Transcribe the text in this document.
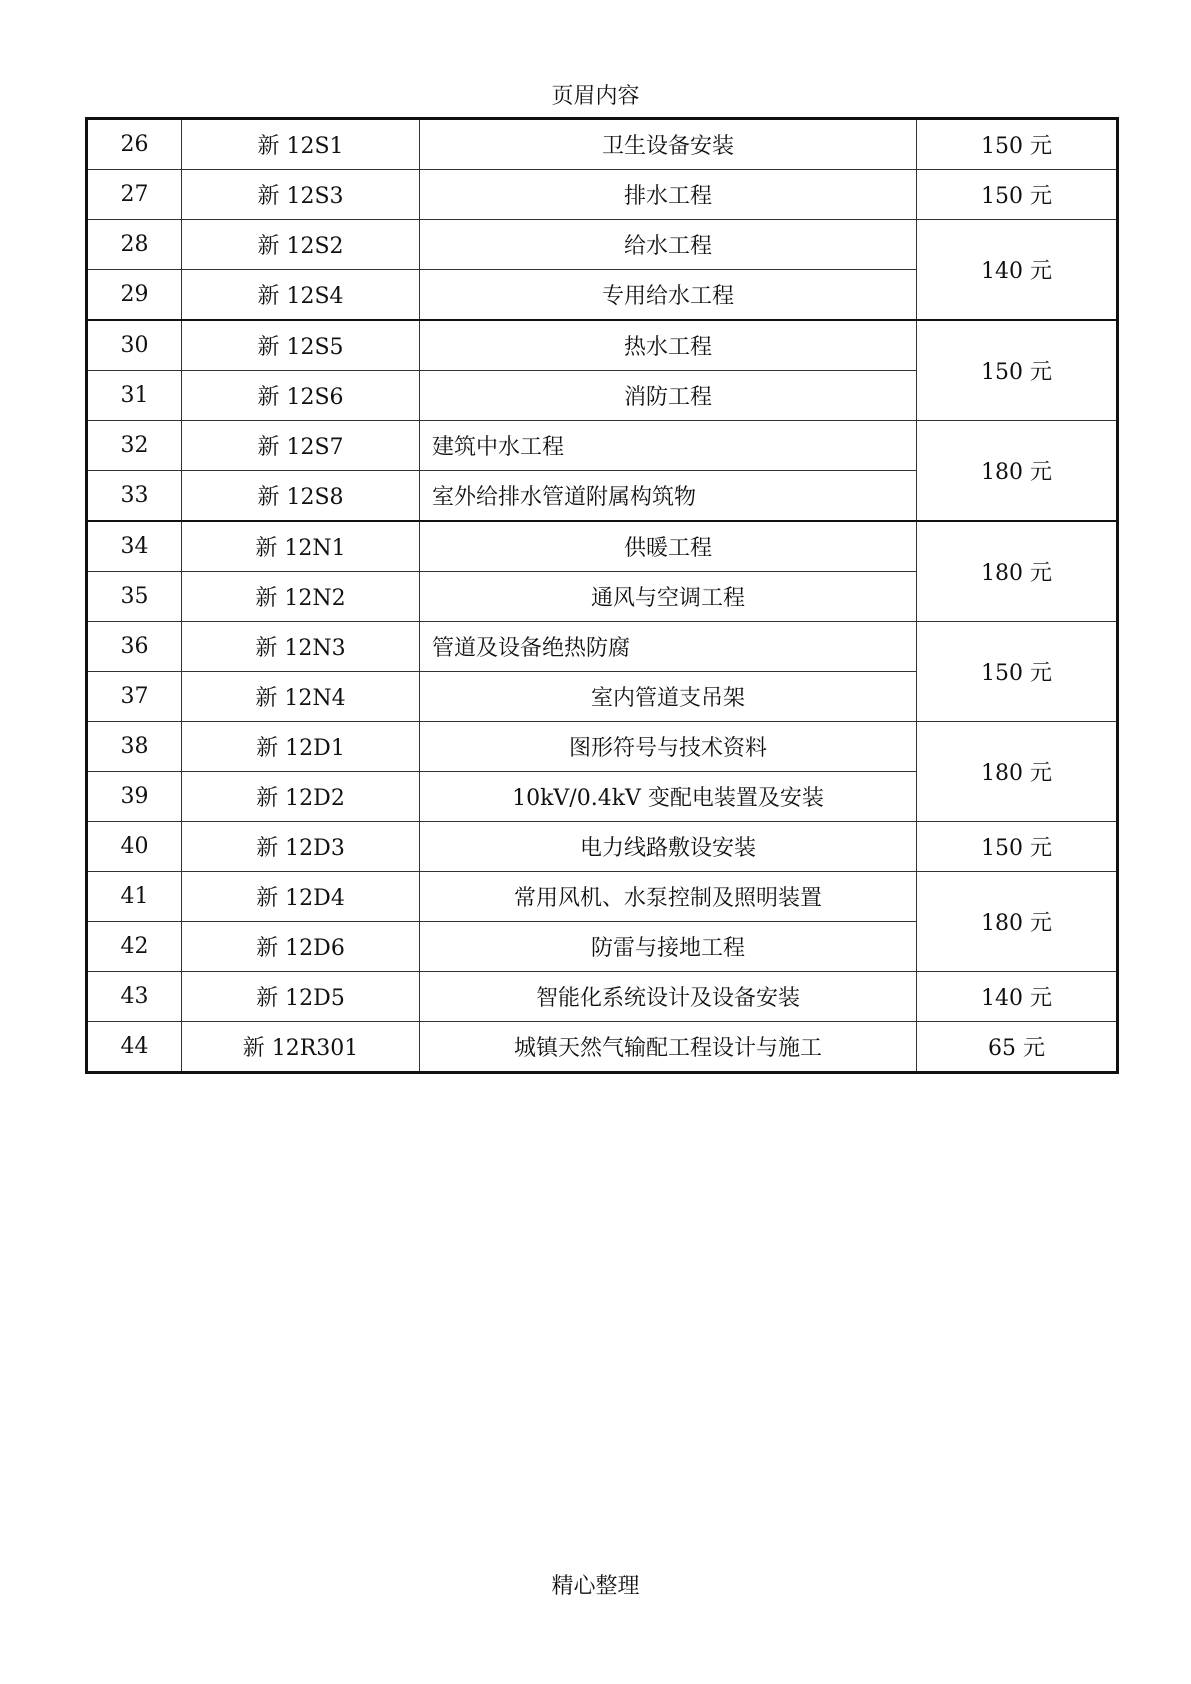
页眉内容
26	新 12S1	卫生设备安装	150 元
27	新 12S3	排水工程	150 元
28	新 12S2	给水工程	140 元
29	新 12S4	专用给水工程	
30	新 12S5	热水工程	150 元
31	新 12S6	消防工程	
32	新 12S7	建筑中水工程	180 元
33	新 12S8	室外给排水管道附属构筑物	
34	新 12N1	供暖工程	180 元
35	新 12N2	通风与空调工程	
36	新 12N3	管道及设备绝热防腐	150 元
37	新 12N4	室内管道支吊架	
38	新 12D1	图形符号与技术资料	180 元
39	新 12D2	10kV/0.4kV 变配电装置及安装	
40	新 12D3	电力线路敷设安装	150 元
41	新 12D4	常用风机、水泵控制及照明装置	180 元
42	新 12D6	防雷与接地工程	
43	新 12D5	智能化系统设计及设备安装	140 元
44	新 12R301	城镇天然气输配工程设计与施工	65 元
精心整理
